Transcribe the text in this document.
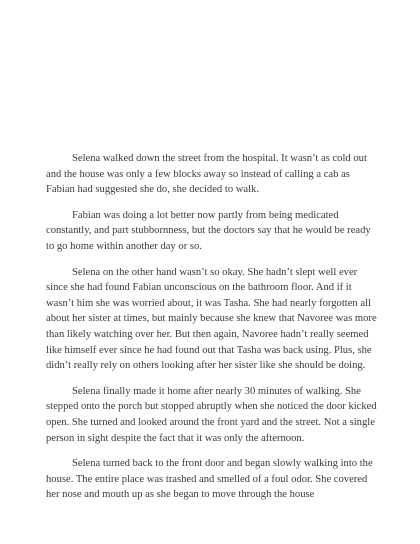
Selena walked down the street from the hospital. It wasn’t as cold out and the house was only a few blocks away so instead of calling a cab as Fabian had suggested she do, she decided to walk.

Fabian was doing a lot better now partly from being medicated constantly, and part stubbornness, but the doctors say that he would be ready to go home within another day or so.

Selena on the other hand wasn’t so okay. She hadn’t slept well ever since she had found Fabian unconscious on the bathroom floor. And if it wasn’t him she was worried about, it was Tasha. She had nearly forgotten all about her sister at times, but mainly because she knew that Navoree was more than likely watching over her. But then again, Navoree hadn’t really seemed like himself ever since he had found out that Tasha was back using. Plus, she didn’t really rely on others looking after her sister like she should be doing.

Selena finally made it home after nearly 30 minutes of walking. She stepped onto the porch but stopped abruptly when she noticed the door kicked open. She turned and looked around the front yard and the street. Not a single person in sight despite the fact that it was only the afternoon.

Selena turned back to the front door and began slowly walking into the house. The entire place was trashed and smelled of a foul odor. She covered her nose and mouth up as she began to move through the house
